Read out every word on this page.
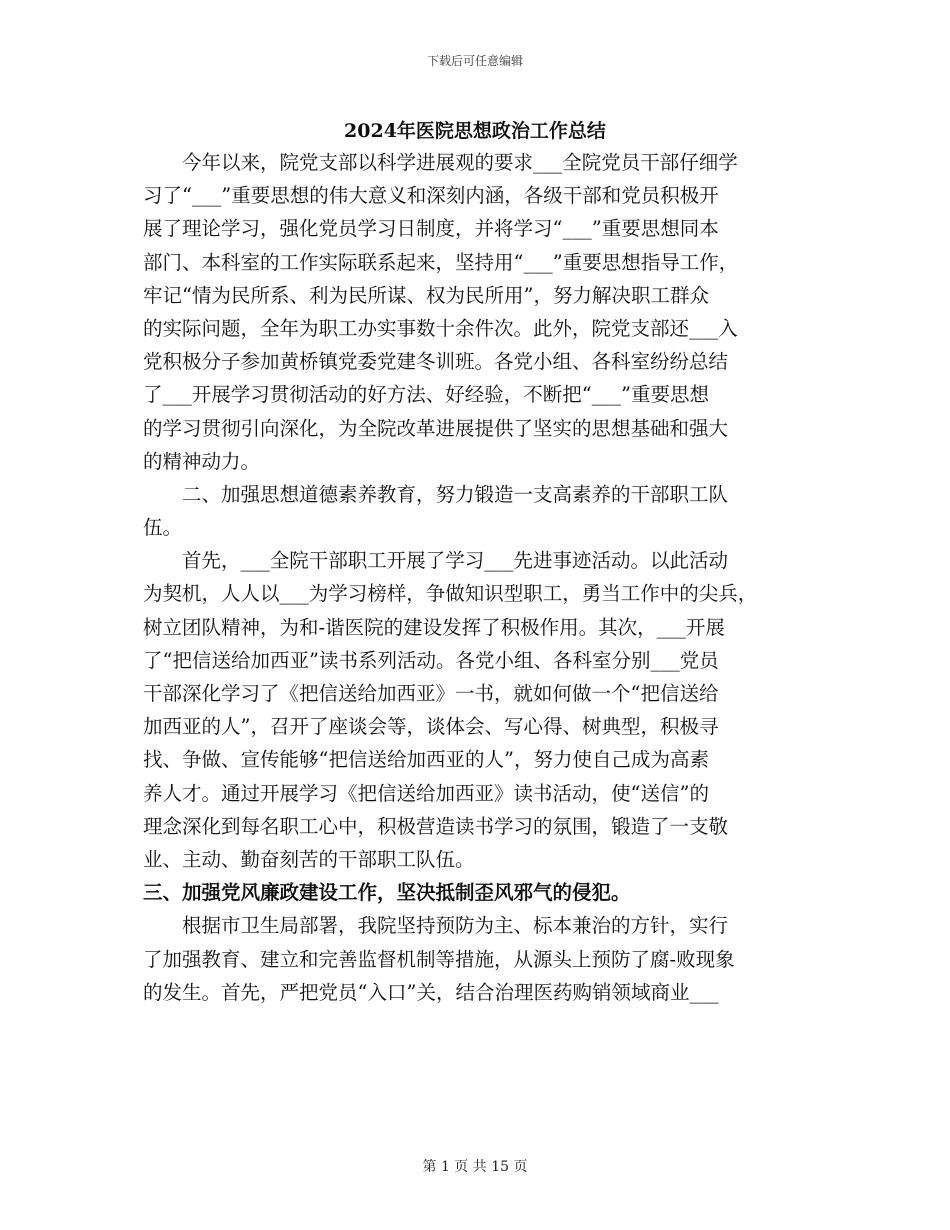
下载后可任意编辑
2024年医院思想政治工作总结
　　今年以来，院党支部以科学进展观的要求___全院党员干部仔细学
习了“___”重要思想的伟大意义和深刻内涵，各级干部和党员积极开
展了理论学习，强化党员学习日制度，并将学习“___”重要思想同本
部门、本科室的工作实际联系起来，坚持用“___”重要思想指导工作，
牢记“情为民所系、利为民所谋、权为民所用”，努力解决职工群众
的实际问题，全年为职工办实事数十余件次。此外，院党支部还___入
党积极分子参加黄桥镇党委党建冬训班。各党小组、各科室纷纷总结
了___开展学习贯彻活动的好方法、好经验，不断把“___”重要思想
的学习贯彻引向深化，为全院改革进展提供了坚实的思想基础和强大
的精神动力。
　　二、加强思想道德素养教育，努力锻造一支高素养的干部职工队
伍。
　　首先，___全院干部职工开展了学习___先进事迹活动。以此活动
为契机，人人以___为学习榜样，争做知识型职工，勇当工作中的尖兵，
树立团队精神，为和-谐医院的建设发挥了积极作用。其次，___开展
了“把信送给加西亚”读书系列活动。各党小组、各科室分别___党员
干部深化学习了《把信送给加西亚》一书，就如何做一个“把信送给
加西亚的人”，召开了座谈会等，谈体会、写心得、树典型，积极寻
找、争做、宣传能够“把信送给加西亚的人”，努力使自己成为高素
养人才。通过开展学习《把信送给加西亚》读书活动，使“送信”的
理念深化到每名职工心中，积极营造读书学习的氛围，锻造了一支敬
业、主动、勤奋刻苦的干部职工队伍。
三、加强党风廉政建设工作，坚决抵制歪风邪气的侵犯。
　　根据市卫生局部署，我院坚持预防为主、标本兼治的方针，实行
了加强教育、建立和完善监督机制等措施，从源头上预防了腐-败现象
的发生。首先，严把党员“入口”关，结合治理医药购销领域商业___
第 1 页 共 15 页
